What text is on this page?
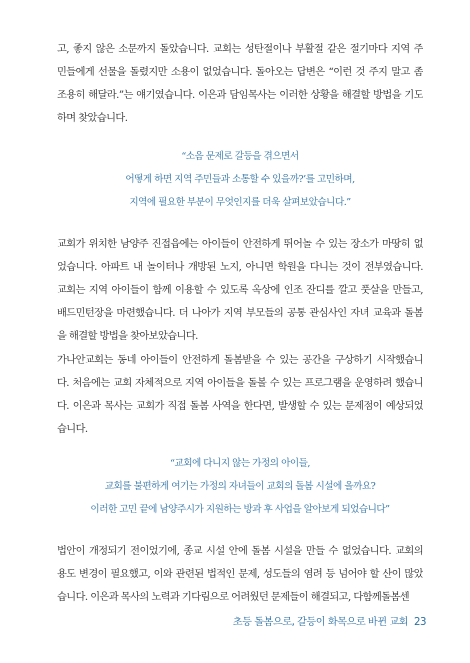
고, 좋지 않은 소문까지 돌았습니다. 교회는 성탄절이나 부활절 같은 절기마다 지역 주
민들에게 선물을 돌렸지만 소용이 없었습니다. 돌아오는 답변은 “이런 것 주지 말고 좀
조용히 해달라.”는 얘기였습니다. 이은과 담임목사는 이러한 상황을 해결할 방법을 기도
하며 찾았습니다.
“소음 문제로 갈등을 겪으면서
어떻게 하면 지역 주민들과 소통할 수 있을까?’를 고민하며,
지역에 필요한 부분이 무엇인지를 더욱 살펴보았습니다.”
교회가 위치한 남양주 진접읍에는 아이들이 안전하게 뛰어놀 수 있는 장소가 마땅히 없
었습니다. 아파트 내 놀이터나 개방된 노지, 아니면 학원을 다니는 것이 전부였습니다.
교회는 지역 아이들이 함께 이용할 수 있도록 옥상에 인조 잔디를 깔고 풋살을 만들고,
배드민턴장을 마련했습니다. 더 나아가 지역 부모들의 공통 관심사인 자녀 교육과 돌봄
을 해결할 방법을 찾아보았습니다.
가나안교회는 동네 아이들이 안전하게 돌봄받을 수 있는 공간을 구상하기 시작했습니
다. 처음에는 교회 자체적으로 지역 아이들을 돌볼 수 있는 프로그램을 운영하려 했습니
다. 이은과 목사는 교회가 직접 돌봄 사역을 한다면, 발생할 수 있는 문제점이 예상되었
습니다.
“교회에 다니지 않는 가정의 아이들,
교회를 불편하게 여기는 가정의 자녀들이 교회의 돌봄 시설에 올까요?
이러한 고민 끝에 남양주시가 지원하는 방과 후 사업을 알아보게 되었습니다”
법안이 개정되기 전이었기에, 종교 시설 안에 돌봄 시설을 만들 수 없었습니다. 교회의
용도 변경이 필요했고, 이와 관련된 법적인 문제, 성도들의 염려 등 넘어야 할 산이 많았
습니다. 이은과 목사의 노력과 기다림으로 어려웠던 문제들이 해결되고, 다함께돌봄센
초등 돌봄으로, 갈등이 화목으로 바뀐 교회 23
